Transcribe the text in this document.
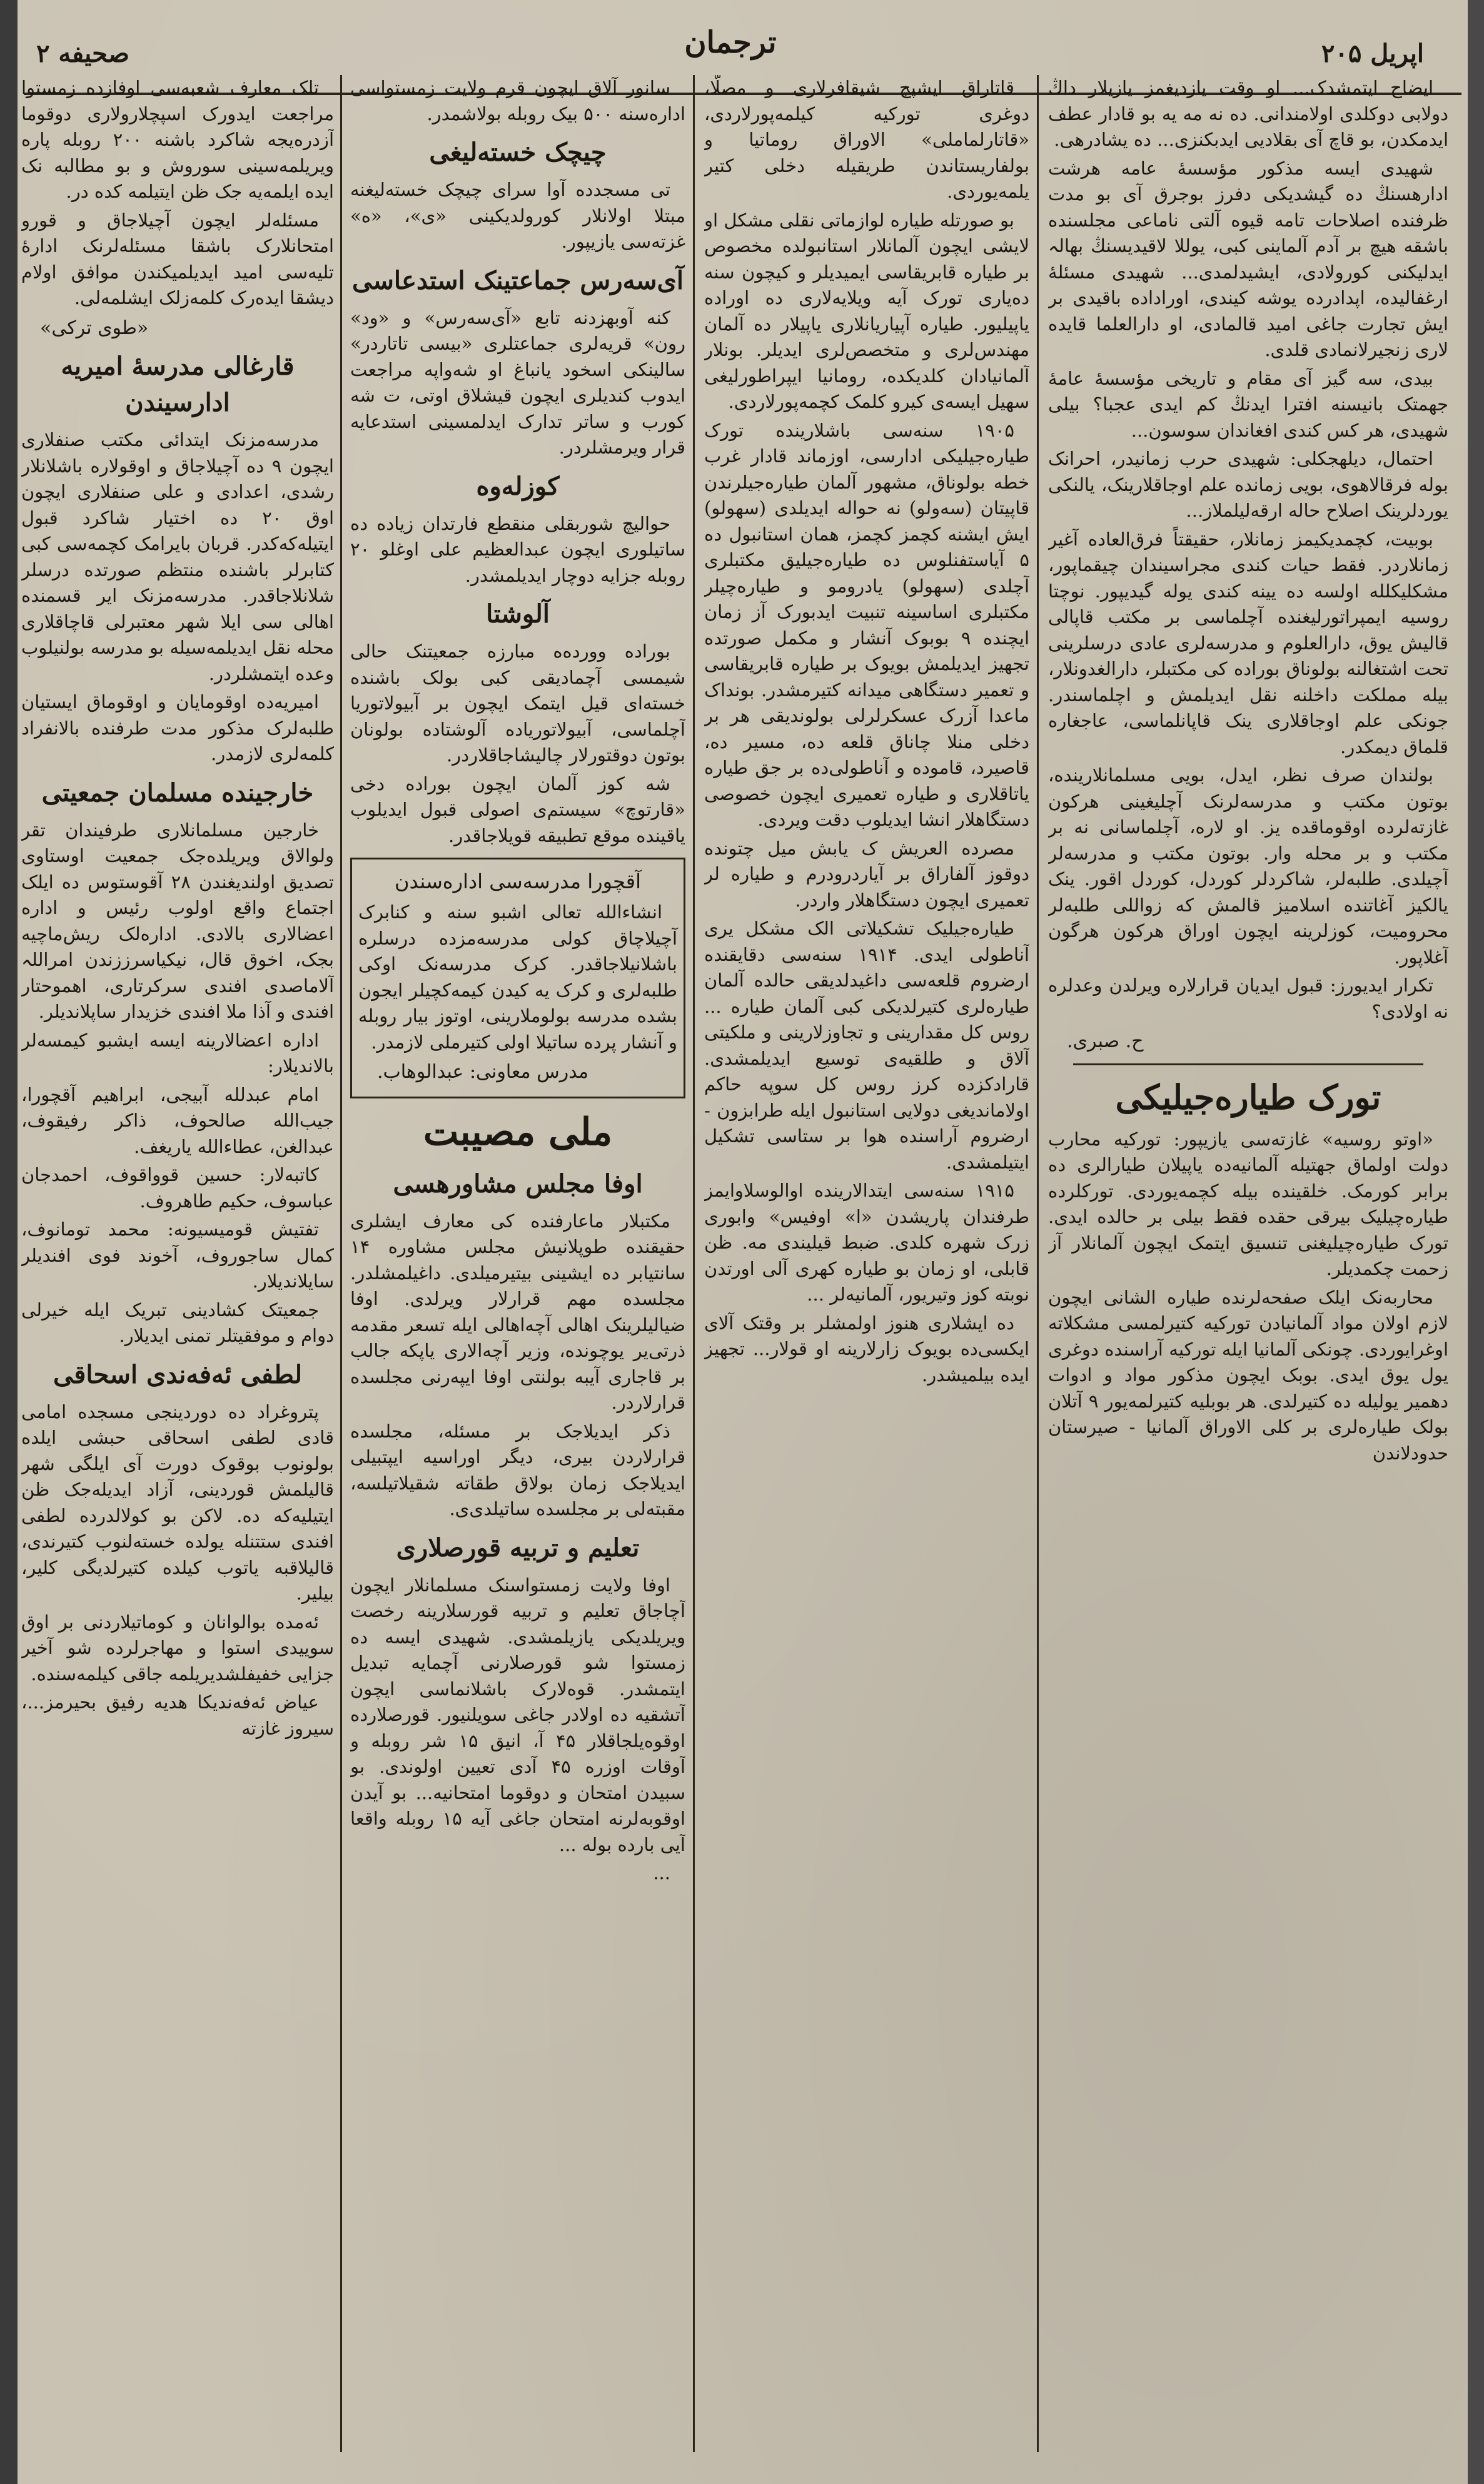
اپریل ۲۰۵
ترجمان
صحیفه ۲

ایضاح ایتمشدک... او وقت یازدیغمز یازیلار داڭ دولابی دوکلدی اولامندانی. ده نه مه یه بو قادار عطف ایدمکدن، بو قاچ آی بقلادیی ایدبکنزی... ده یشادرهی.

شهیدی ایسه مذکور مؤسسهٔ عامه هرشت ادارهسنڭ ده گیشدیکی دفرز بوجرق آی بو مدت ظرفنده اصلاحات تامه قیوه آلتی ناماعی مجلسنده باشقه هیچ بر آدم آلماینی کبی، یوللا لاقیدیسنڭ بهالہ ایدلیکنی کورولادی، ایشیدلمدی... شهیدی مسئلهٔ ارغفالیده، اپدادرده یوشه کیندی، اوراداده باقیدی بر ایش تجارت جاغی امید قالمادی، او دارالعلما قایده لاری زنجیرلانمادی قلدی.

بیدی، سه گیز آی مقام و تاریخی مؤسسهٔ عامهٔ جهمتک بانیسنه افترا ایدنڭ کم ایدی عجبا؟ بیلی شهیدی، هر کس کندی افغاندان سوسون...

احتمال، دیلهجکلی: شهیدی حرب زمانیدر، احرانک بوله فرقالاهوی، بویی زمانده علم اوجاقلارینک، یالنکی یوردلرینک اصلاح حاله ارقه‌لیلملاز...

بوبیت، کچمدیکیمز زمانلار، حقیقتاً فرق‌العاده آغیر زمانلاردر. فقط حیات کندی مجراسیندان چیقماپور، مشکلیکلله اولسه ده یینه کندی یوله گیدیپور. نوچتا روسیه ایمپراتورلیغنده آچلماسی بر مکتب قاپالی قالیش یوق، دارالعلوم و مدرسه‌لری عادی درسلرینی تحت اشتغالنه بولوناق بوراده کی مکتبلر، دارالغدونلار، بیله مملکت داخلنه نقل ایدیلمش و اچلماسندر. جونکی علم اوجاقلاری ینک قاپانلماسی، عاجغاره قلماق دیمکدر.

بولندان صرف نظر، ایدل، بویی مسلمانلارینده، بوتون مکتب و مدرسه‌لرنک آچلیغینی هرکون غازته‌لرده اوقوماقده یز. او لاره، آچلماسانی نه بر مکتب و بر محله وار. بوتون مکتب و مدرسه‌لر آچیلدی. طلبه‌لر، شاکردلر کوردل، کوردل اقور. ینک یالکیز آغاتنده اسلامیز قالمش که زواللی طلبه‌لر محرومیت، کوزلرینه ایچون اوراق هرکون هرگون آغلاپور.

تکرار ایدیورز: قبول ایدیان قرارلاره ویرلدن وعدلره نه اولادی؟

ح. صبری.
تورک طیاره‌جیلیکی

«اوتو روسیه» غازته‌سی یازیپور: تورکیه محارب دولت اولماق جهتیله آلمانیه‌ده یاپیلان طیارالری ده برابر کورمک. خلقینده بیله کچمه‌یوردی. تورکلرده طیاره‌چیلیک بیرقی حقده فقط بیلی بر حالده ایدی. تورک طیاره‌چیلیغنی تنسیق ایتمک ایچون آلمانلار آز زحمت چکمدیلر.

محاربه‌نک ایلک صفحه‌لرنده طیاره الشانی ایچون لازم اولان مواد آلمانیادن تورکیه کتیرلمسی مشکلاته اوغرایوردی. چونکی آلمانیا ایله تورکیه آراسنده دوغری یول یوق ایدی. بوبک ایچون مذکور مواد و ادوات دهمیر یولیله ده کتیرلدی. هر بوبلیه کتیرلمه‌یور ۹ آتلان بولک طیاره‌لری بر کلی الاوراق آلمانیا - صیرستان حدودلاندن

قاتاراق ایشپچ شیقافرلاری و مصلّا، دوغری تورکیه کیلمه‌پورلاردی، «قاتارلماملی» الاوراق روماتیا و بولفاریستاندن طریقیله دخلی کتیر یلمه‌یوردی.

بو صورتله طیاره لوازماتی نقلی مشکل او لایشی ایچون آلمانلار استانبولده مخصوص بر طیاره قابریقاسی ایمیدیلر و کیچون سنه ده‌یاری تورک آیه ویلایه‌لاری ده اوراده یاپیلیور. طیاره آپیاریانلاری یاپیلار ده آلمان مهندس‌لری و متخصص‌لری ایدیلر. بونلار آلمانیادان کلدیکده، رومانیا ایپراطورلیغی سهیل ایسه‌ی کیرو کلمک کچمه‌پورلاردی.

۱۹۰۵ سنه‌سی باشلارینده تورک طیاره‌جیلیکی ادارسی، اوزماند قادار غرب خطه بولوناق، مشهور آلمان طیاره‌جیلرندن قاپیتان (سه‌ولو) نه حواله ایدیلدی (سهولو) ایش ایشنه کچمز کچمز، همان استانبول ده ۵ آیاستفنلوس ده طیاره‌جیلیق مکتبلری آچلدی (سهولو) یادرومو و طیاره‌چیلر مکتبلری اساسینه تنبیت ایدبورک آز زمان ایچنده ۹ بوبوک آنشار و مکمل صورتده تجهیز ایدیلمش بویوک بر طیاره قابریقاسی و تعمیر دستگاهی میدانه کتیرمشدر. بونداک ماعدا آزرک عسکرلرلی بولوندیقی هر بر دخلی منلا چاناق قلعه ده، مسیر ده، قاصیرد، قاموده و آناطولی‌ده بر جق طیاره یاتاقلاری و طیاره تعمیری ایچون خصوصی دستگاهلار انشا ایدیلوب دقت ویردی.

مصرده العریش ک یابش میل چتونده دوقوز آلفاراق بر آیاردرودرم و طیاره لر تعمیری ایچون دستگاهلار واردر.

طیاره‌جیلیک تشکیلاتی الک مشکل یری آناطولی ایدی. ۱۹۱۴ سنه‌سی دقایقنده ارضروم قلعه‌سی داغیدلدیقی حالده آلمان طیاره‌لری کتیرلدیکی کبی آلمان طیاره ... روس کل مقدارینی و تجاوزلارینی و ملکیتی آلاق و طلقیه‌ی توسیع ایدیلمشدی. قارادکزده کرز روس کل سوپه حاکم اولاماندیغی دولایی استانبول ایله طرابزون - ارضروم آراسنده هوا بر ستاسی تشکیل ایتیلمشدی.

۱۹۱۵ سنه‌سی ایتدالارینده اوالوسلاوایمز طرفندان پاریشدن «ا» اوفیس» وابوری زرک شهره کلدی. ضبط قیلیندی مه. ظن قابلی، او زمان بو طیاره کهری آلی اورتدن نوبته کوز وتیریور، آلمانیه‌لر ...

ده ایشلاری هنوز اولمشلر بر وقتک آلای ایکسی‌ده بویوک زارلارینه او قولار... تجهیز ایده بیلمیشدر.

سانور آلاق ایچون قرم ولایت زمستواسی اداره‌سنه ۵۰۰ بیک روبله بولاشمدر.

چیچک خسته‌لیغی

تی‌ مسجدده آوا سرای چیچک خسته‌لیغنه مبتلا اولانلار کورولدیکینی «ی»، «ه» غزته‌سی یازیپور.

آی‌سه‌رس جماعتینک استدعاسی

کنه آوبهزدنه تابع «آی‌سه‌رس» و «ود» رون» قریه‌لری جماعتلری «بیسی تاتاردر» سالینکی اسخود یانباغ او شه‌واپه مراجعت ایدوب کندیلری ایچون قیشلاق اوتی، ت‌ شه کورب و ساتر تدارک ایدلمسینی استدعایه قرار ویرمشلردر.

کوزله‌وه

حوالیچ شوربقلی منقطع فارتدان زیاده ده ساتیلوری ایچون عبدالعظیم علی اوغلو ۲۰ روبله جزایه دوچار ایدیلمشدر.

آلوشتا

بوراده وورده‌ه مبارزه جمعیتنک حالی شیمسی آچمادیقی کبی بولک باشنده خسته‌ای قیل ایتمک ایچون بر آبیولاتوریا آچلماسی، آبیولاتوریاده آلوشتاده بولونان بوتون دوقتورلار چالیشاجاقلاردر.

شه کوز آلمان ایچون بوراده دخی «قارتوچ» سیستم‌ی اصولی قبول ایدیلوب یاقینده موقع تطبیقه قویلاجاقدر.

آقچورا مدرسه‌سی اداره‌سندن

انشاءالله تعالی اشبو سنه‌ و کنابرک آچیلاچاق کولی مدرسه‌مزده درسلره باشلانیلاجاقدر. کرک مدرسه‌نک اوکی طلبه‌لری و کرک یه کیدن کیمه‌کچیلر ایجون بشده مدرسه بولوملارینی، اوتوز بیار روبله و آنشار پرده ساتیلا اولی کتیرملی لازمدر.

مدرس معاونی: عبدالوهاب.
ملی مصیبت
اوفا مجلس مشاورهسی

مکتبلار ماعارفنده کی معارف ایشلری حقیقنده طوپلانیش مجلس مشاوره ۱۴ سانتیابر ده ایشینی بیتیرمیلدی. داغیلمشلدر. مجلسده مهم قرارلار ویرلدی. اوفا ضیالیلرینک اهالی آچه‌اها‌لی ایله تسعر مقدمه ذرتی‌یر یوچونده، وزیر آچه‌الاری یاپکه‌ جالب بر قاجاری آیبه بولنتی اوفا ایپه‌رنی مجلسده قرارلاردر.

ذکر ایدیلاجک بر مسئله، مجلسده قرارلاردن بیری، دیگر اوراسیه ایپتبیلی ایدیلاجک زمان بولاق طقاته شقیلاتیلسه، مقبته‌لی بر مجلسده ساتیلدی‌ی.

تعلیم و تربیه قورصلاری

اوفا ولایت زمستواسنک مسلمانلار ایچون آچاجاق تعلیم و تربیه قورسلارینه رخصت ویریلدیکی یازیلمشدی. شهیدی ایسه ده زمستوا شو قورصلارنی آچمایه تبدیل ایتمشدر. قوه‌لارک باشلانماسی ایچون آتشقیه ده اولادر جاغی سویلنیور. قورصلارده اوقوه‌یلجاقلار ۴۵ آ، انیق ۱۵ شر روبله و آوقات اوزره ۴۵ آدی تعیین اولوندی. بو سبیدن امتحان و دوقوما امتحانیه... بو آیدن اوقوبه‌لرنه امتحان جاغی آیه ۱۵ روبله واقعا آیی بارده بوله ...

...

تلک معارف شعبه‌سی اوفازده زمستوا مراجعت ایدورک اسپچلارولاری دوقوما آزدره‌یجه شاکرد باشنه ۲۰۰ روبله پاره ویریلمه‌سینی سوروش و بو مطالبه نک ایده ایلمه‌یه جک ظن ایتیلمه کده در.

مسئله‌لر ایچون آچیلاجاق و قورو امتحانلارک باشقا مسئله‌لرنک ادارهٔ تلیه‌سی امید ایدیلمیکندن موافق اولام دیشقا ایده‌رک کلمه‌زلک ایشلمه‌لی.

«طوی ترکی»
قارغالی مدرسهٔ امیریه ادارسیندن

مدرسه‌مزنک ایتدائی مکتب صنفلاری ایچون ۹ ده آچیلاجاق و اوقولاره باشلانلار رشدی، اعدادی و علی صنفلاری ایچون اوق ۲۰ ده اختیار شاکرد قبول ایتیله‌که‌کدر. قربان بایرامک کچمه‌سی کبی کتابرلر باشنده منتظم صورتده درسلر شلانلاجاقدر. مدرسه‌مزنک ایر قسمنده اهالی سی ایلا شهر معتبر‌لی قاچاقلاری محله نقل ایدیلمه‌سیله بو مدرسه بولنیلوب وعده ایتمشلردر.

امیریه‌ده اوقومایان و اوقوماق ایستیان طلبه‌لرک مذکور مدت طرفنده بالانفراد کلمه‌لری لازمدر.

خارجینده مسلمان جمعیتی

خارجین مسلمانلاری طرفیندان تقر ولوالاق ویریلده‌جک جمعیت اوستاوی تصدیق اولندیغندن ۲۸ آقوستوس ده ایلک اجتماع واقع اولوب رئیس و اداره اعضالاری بالادی. اداره‌لک ریش‌ماچیه بجک، اخوق قال، نیکیاسرززندن امراللہ آلاماصدی افندی سرکرتاری، اهموحتار افندی و آذا ملا افندی خزیدار ساپلاندیلر.

اداره اعضالارینه ایسه ایشبو کیمسه‌لر بالاندیلار:

امام عبدلله آبیجی، ابراهیم آقچورا، جیب‌الله صالحوف، ذاکر رفیقوف، عبدالغن، عطاءالله یاریغف.

کاتبه‌لار: حسین قوواقوف، احمدجان عباسوف، حکیم طاهروف.

تفتیش قومیسیونه: محمد تومانوف، کمال ساجوروف، آخوند فوی افندیلر سایلاندیلار.

جمعیتک کشادینی تبریک ایله خیرلی دوام و موفقیتلر تمنی ایدیلار.

لطفی ئه‌فه‌ندی اسحاقی

پتروغراد ده دوردینجی مسجده امامی قادی لطفی اسحاقی حبشی ایلده بولونوب بوقوک دورت آی ایلگی شهر قالیلمش قوردینی، آزاد ایدیله‌جک ظن ایتیلیه‌که ده. لاکن بو کولالدرده لطفی افندی ستتنله یولده خسته‌لنوب کتیرندی، قالیلاقبه یاتوب کیلده کتیرلدیگی کلیر، بیلیر.

ئه‌مده بوالوانان و کوماتیلاردنی بر اوق سوییدی استوا و مهاجرلرده شو آخیر جزایی خفیفلشدیریلمه جاقی کیلمه‌سنده.

عیاض ئه‌فه‌ندیکا هدیه رفیق بحیرمز...، سیروز غازته
